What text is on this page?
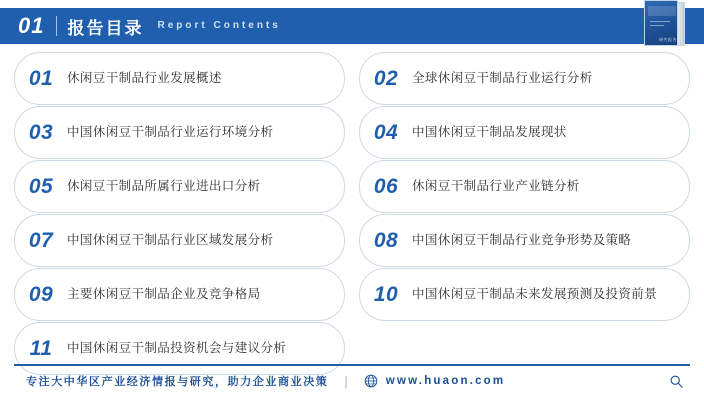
01 报告目录 Report Contents
研究报告
01	休闲豆干制品行业发展概述	02	全球休闲豆干制品行业运行分析
03	中国休闲豆干制品行业运行环境分析	04	中国休闲豆干制品发展现状
05	休闲豆干制品所属行业进出口分析	06	休闲豆干制品行业产业链分析
07	中国休闲豆干制品行业区域发展分析	08	中国休闲豆干制品行业竞争形势及策略
09	主要休闲豆干制品企业及竞争格局	10	中国休闲豆干制品未来发展预测及投资前景
11	中国休闲豆干制品投资机会与建议分析
专注大中华区产业经济情报与研究，助力企业商业决策 |	www.huaon.com
